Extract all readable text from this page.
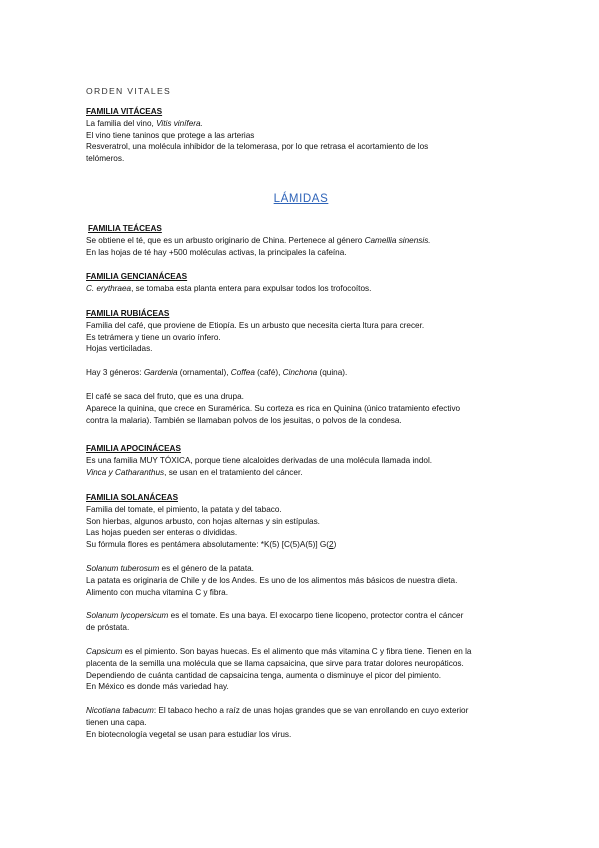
ORDEN VITALES
FAMILIA VITÁCEAS
La familia del vino, Vitis vinífera.
El vino tiene taninos que protege a las arterias
Resveratrol, una molécula inhibidor de la telomerasa, por lo que retrasa el acortamiento de los
telómeros.
LÁMIDAS
FAMILIA TEÁCEAS
Se obtiene el té, que es un arbusto originario de China. Pertenece al género Camellia sinensis.
En las hojas de té hay +500 moléculas activas, la principales la cafeína.
FAMILIA GENCIANÁCEAS
C. erythraea, se tomaba esta planta entera para expulsar todos los trofocoítos.
FAMILIA RUBIÁCEAS
Familia del café, que proviene de Etiopía. Es un arbusto que necesita cierta ltura para crecer.
Es tetrámera y tiene un ovario ínfero.
Hojas verticiladas.
Hay 3 géneros: Gardenia (ornamental), Coffea (café), Cinchona (quina).
El café se saca del fruto, que es una drupa.
Aparece la quinina, que crece en Suramérica. Su corteza es rica en Quinina (único tratamiento efectivo
contra la malaria). También se llamaban polvos de los jesuitas, o polvos de la condesa.
FAMILIA APOCINÁCEAS
Es una familia MUY TÓXICA, porque tiene alcaloides derivadas de una molécula llamada indol.
Vinca y Catharanthus, se usan en el tratamiento del cáncer.
FAMILIA SOLANÁCEAS
Familia del tomate, el pimiento, la patata y del tabaco.
Son hierbas, algunos arbusto, con hojas alternas y sin estípulas.
Las hojas pueden ser enteras o divididas.
Su fórmula flores es pentámera absolutamente: *K(5) [C(5)A(5)] G(2)
Solanum tuberosum es el género de la patata.
La patata es originaria de Chile y de los Andes. Es uno de los alimentos más básicos de nuestra dieta.
Alimento con mucha vitamina C y fibra.
Solanum lycopersicum es el tomate. Es una baya. El exocarpo tiene licopeno, protector contra el cáncer
de próstata.
Capsicum es el pimiento. Son bayas huecas. Es el alimento que más vitamina C y fibra tiene. Tienen en la
placenta de la semilla una molécula que se llama capsaicina, que sirve para tratar dolores neuropáticos.
Dependiendo de cuánta cantidad de capsaicina tenga, aumenta o disminuye el picor del pimiento.
En México es donde más variedad hay.
Nicotiana tabacum: El tabaco hecho a raíz de unas hojas grandes que se van enrollando en cuyo exterior
tienen una capa.
En biotecnología vegetal se usan para estudiar los virus.
